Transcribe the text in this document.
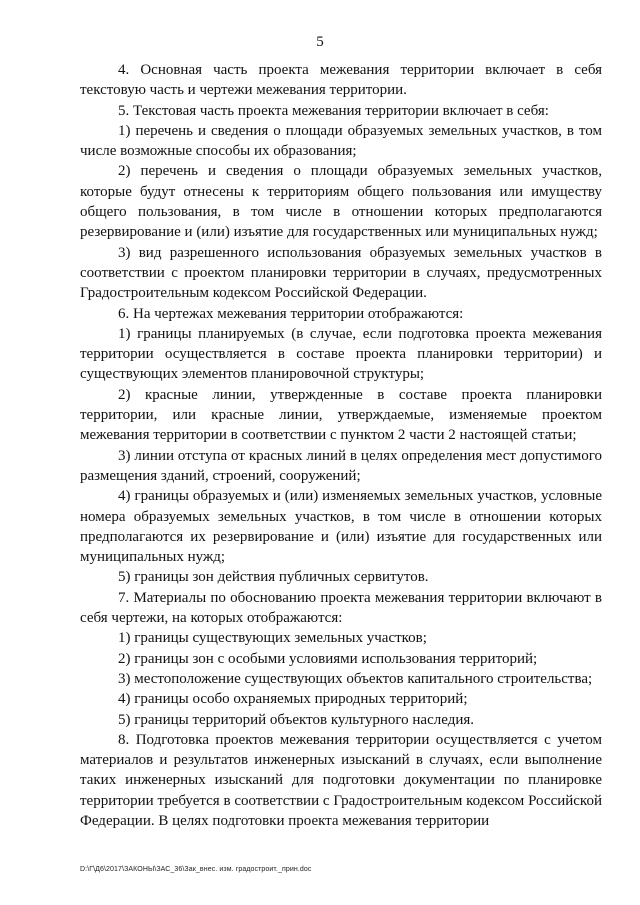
5

4. Основная часть проекта межевания территории включает в себя текстовую часть и чертежи межевания территории.

5. Текстовая часть проекта межевания территории включает в себя:

1) перечень и сведения о площади образуемых земельных участков, в том числе возможные способы их образования;

2) перечень и сведения о площади образуемых земельных участков, которые будут отнесены к территориям общего пользования или имуществу общего пользования, в том числе в отношении которых предполагаются резервирование и (или) изъятие для государственных или муниципальных нужд;

3) вид разрешенного использования образуемых земельных участков в соответствии с проектом планировки территории в случаях, предусмотренных Градостроительным кодексом Российской Федерации.

6. На чертежах межевания территории отображаются:

1) границы планируемых (в случае, если подготовка проекта межевания территории осуществляется в составе проекта планировки территории) и существующих элементов планировочной структуры;

2) красные линии, утвержденные в составе проекта планировки территории, или красные линии, утверждаемые, изменяемые проектом межевания территории в соответствии с пунктом 2 части 2 настоящей статьи;

3) линии отступа от красных линий в целях определения мест допустимого размещения зданий, строений, сооружений;

4) границы образуемых и (или) изменяемых земельных участков, условные номера образуемых земельных участков, в том числе в отношении которых предполагаются их резервирование и (или) изъятие для государственных или муниципальных нужд;

5) границы зон действия публичных сервитутов.

7. Материалы по обоснованию проекта межевания территории включают в себя чертежи, на которых отображаются:

1) границы существующих земельных участков;

2) границы зон с особыми условиями использования территорий;

3) местоположение существующих объектов капитального строительства;

4) границы особо охраняемых природных территорий;

5) границы территорий объектов культурного наследия.

8. Подготовка проектов межевания территории осуществляется с учетом материалов и результатов инженерных изысканий в случаях, если выполнение таких инженерных изысканий для подготовки документации по планировке территории требуется в соответствии с Градостроительным кодексом Российской Федерации. В целях подготовки проекта межевания территории

D:\Г\Д6\2017\ЗАКОНЫ\ЗАС_36\Зак_внес. изм. градостроит._прин.doc
